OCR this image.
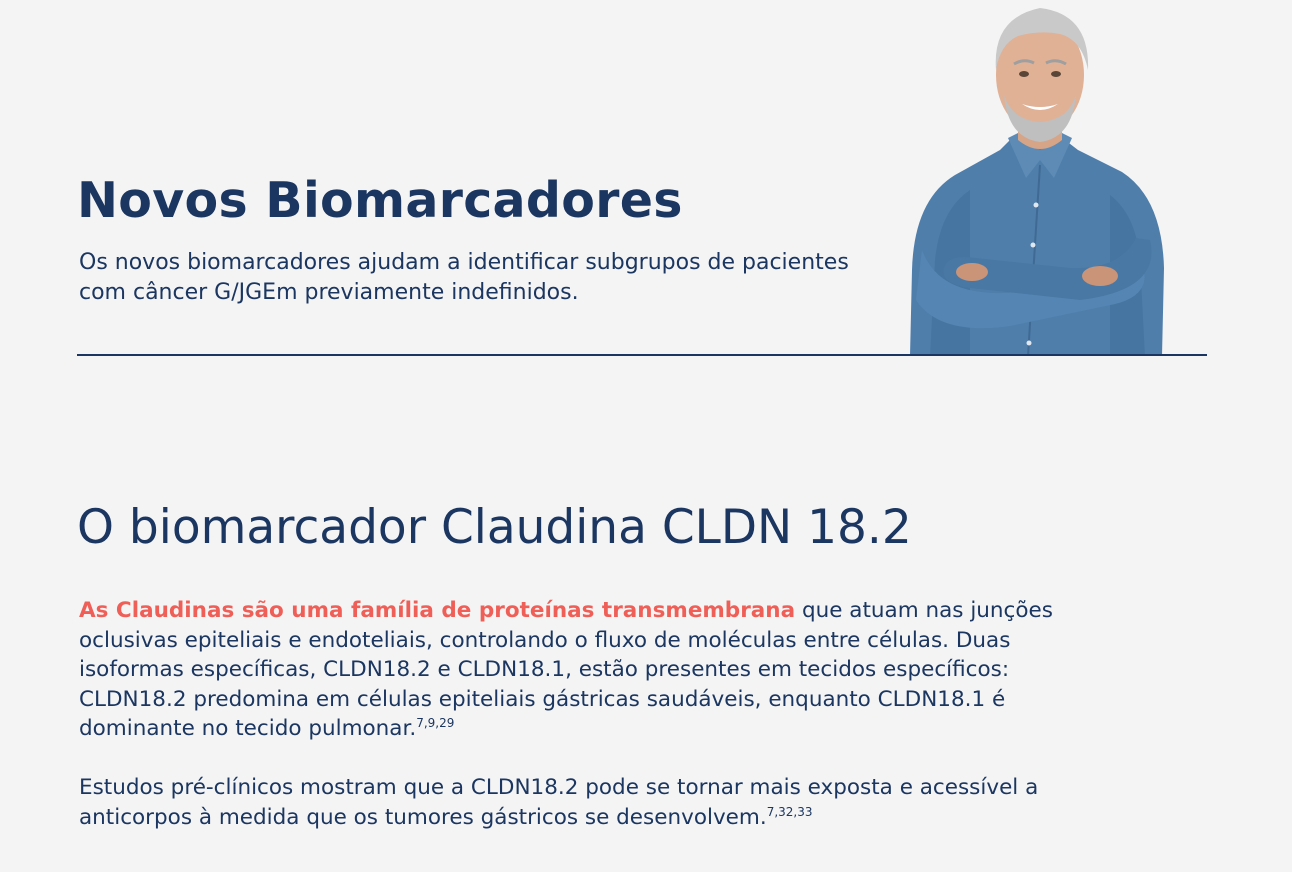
Novos Biomarcadores

Os novos biomarcadores ajudam a identificar subgrupos de pacientes
com câncer G/JGEm previamente indefinidos.

O biomarcador Claudina CLDN 18.2

As Claudinas são uma família de proteínas transmembrana que atuam nas junções oclusivas epiteliais e endoteliais, controlando o fluxo de moléculas entre células. Duas isoformas específicas, CLDN18.2 e CLDN18.1, estão presentes em tecidos específicos: CLDN18.2 predomina em células epiteliais gástricas saudáveis, enquanto CLDN18.1 é dominante no tecido pulmonar.$^{7,9,29}$

Estudos pré-clínicos mostram que a CLDN18.2 pode se tornar mais exposta e acessível a anticorpos à medida que os tumores gástricos se desenvolvem.$^{7,32,33}$
